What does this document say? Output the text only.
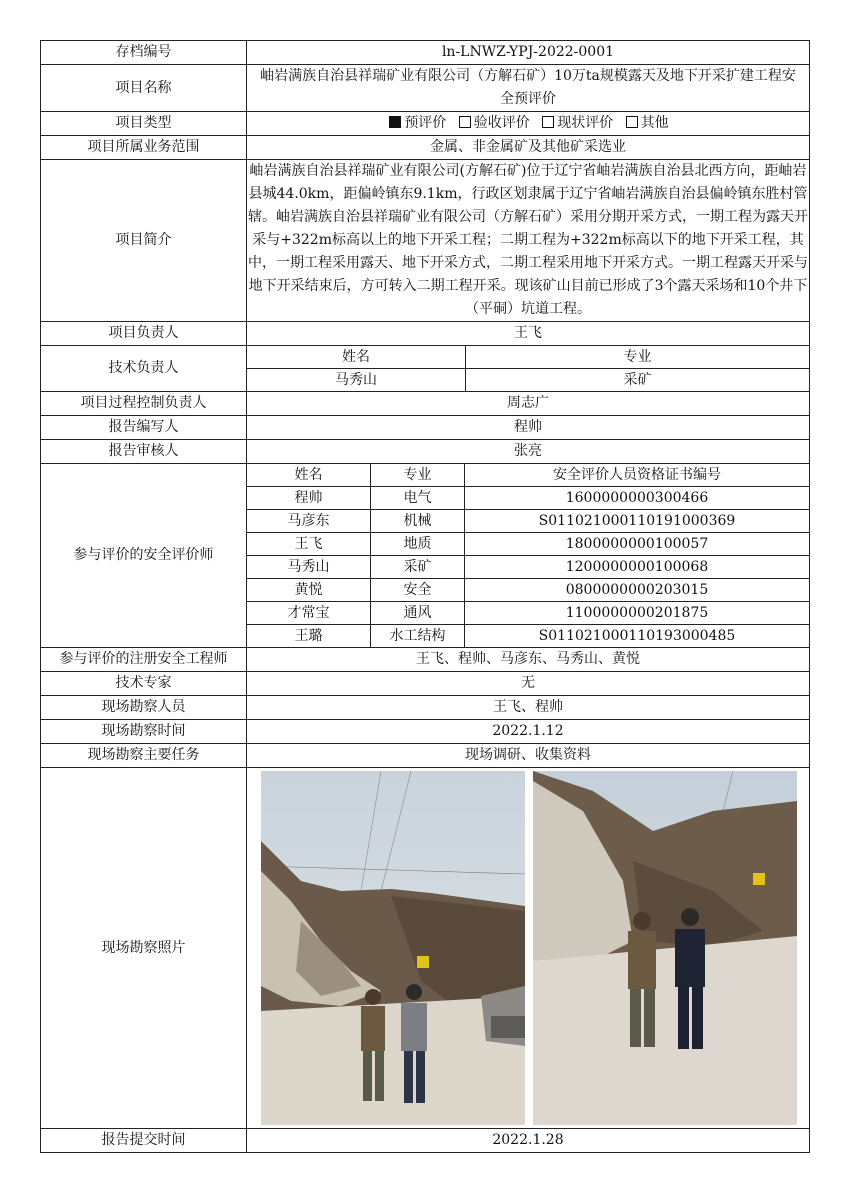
存档编号	ln-LNWZ-YPJ-2022-0001
项目名称	岫岩满族自治县祥瑞矿业有限公司（方解石矿）10万ta规模露天及地下开采扩建工程安全预评价
项目类型	预评价 验收评价 现状评价 其他
项目所属业务范围	金属、非金属矿及其他矿采选业
项目简介	岫岩满族自治县祥瑞矿业有限公司(方解石矿)位于辽宁省岫岩满族自治县北西方向，距岫岩县城44.0km，距偏岭镇东9.1km，行政区划隶属于辽宁省岫岩满族自治县偏岭镇东胜村管辖。岫岩满族自治县祥瑞矿业有限公司（方解石矿）采用分期开采方式，一期工程为露天开采与+322m标高以上的地下开采工程；二期工程为+322m标高以下的地下开采工程，其中，一期工程采用露天、地下开采方式，二期工程采用地下开采方式。一期工程露天开采与地下开采结束后，方可转入二期工程开采。现该矿山目前已形成了3个露天采场和10个井下（平硐）坑道工程。
项目负责人	王飞
技术负责人	
姓名	专业
马秀山	采矿

项目过程控制负责人	周志广
报告编写人	程帅
报告审核人	张亮
参与评价的安全评价师	
姓名	专业	安全评价人员资格证书编号
程帅	电气	1600000000300466
马彦东	机械	S011021000110191000369
王飞	地质	1800000000100057
马秀山	采矿	1200000000100068
黄悦	安全	0800000000203015
才常宝	通风	1100000000201875
王璐	水工结构	S011021000110193000485

参与评价的注册安全工程师	王飞、程帅、马彦东、马秀山、黄悦
技术专家	无
现场勘察人员	王飞、程帅
现场勘察时间	2022.1.12
现场勘察主要任务	现场调研、收集资料
现场勘察照片	

报告提交时间	2022.1.28
